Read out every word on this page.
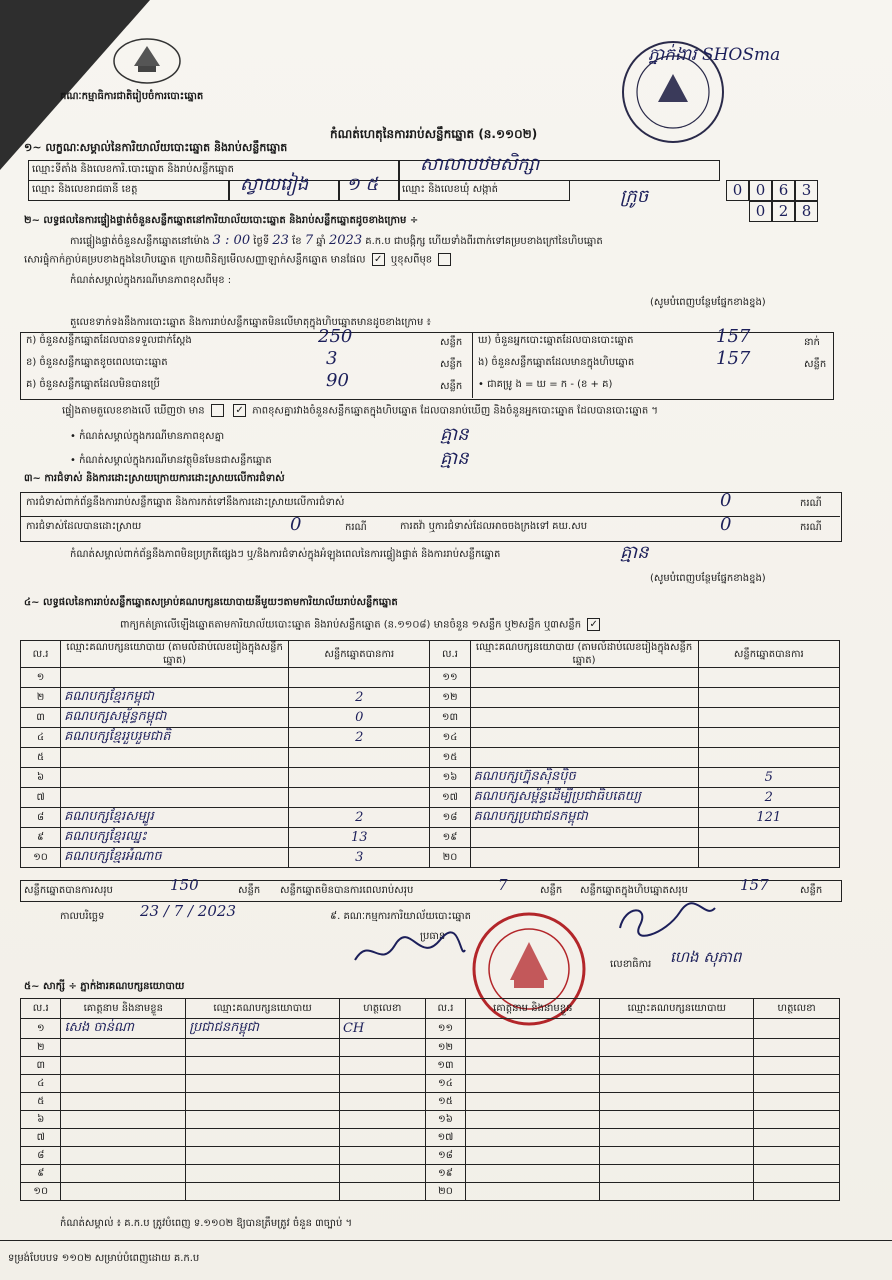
គណៈកម្មាធិការជាតិរៀបចំការបោះឆ្នោត
កំណត់ហេតុនៃការរាប់សន្លឹកឆ្នោត (ន.១១០២)
ភ្នាក់ងារ SHOSma
១~ លក្ខណៈសម្គាល់នៃការិយាល័យបោះឆ្នោត និងរាប់សន្លឹកឆ្នោត
ឈ្មោះទីតាំង និងលេខការិ.បោះឆ្នោត និងរាប់សន្លឹកឆ្នោត	សាលាបឋមសិក្សា
ឈ្មោះ និងលេខរាជធានី ខេត្ត	ស្វាយរៀង ១ ៥ ឈ្មោះ និងលេខឃុំ សង្កាត់	ក្រូច	0 0 6 3
0 2 8
២~ លទ្ធផលនៃការផ្ទៀងផ្ទាត់ចំនួនសន្លឹកឆ្នោតនៅការិយាល័យបោះឆ្នោត និងរាប់សន្លឹកឆ្នោតដូចខាងក្រោម ÷
ការផ្ទៀងផ្ទាត់ចំនួនសន្លឹកឆ្នោតនៅម៉ោង 3 : 00 ថ្ងៃទី 23 ខែ 7 ឆ្នាំ 2023 គ.ក.ប ជាបងិ្កក្ស ហើយទាំងពីរពាក់ទៅគម្របខាងក្រៅនៃហិបឆ្នោត
សោរផ្ទុំកាក់ភ្ជាប់គម្របខាងក្នុងនៃហិបឆ្នោត ក្រោយពិនិត្យមើលសញ្ញាឡាក់សន្លឹកឆ្នោត មានផែល ✓ ឬខុសពីមុខ
កំណត់សម្គាល់ក្នុងករណីមានភាពខុសពីមុខ :
(សូមបំពេញបន្ថែមផ្នែកខាងខ្នង)
តួលេខទាក់ទងនឹងការបោះឆ្នោត និងការរាប់សន្លឹកឆ្នោតមិនលើមាតុក្នុងហិបឆ្នោតមានដូចខាងក្រោម ៖
ក) ចំនួនសន្លឹកឆ្នោតដែលបានទទួលជាក់ស្តែង	250	សន្លឹក
ខ) ចំនួនសន្លឹកឆ្នោតខូចពេលបោះឆ្នោត	3	សន្លឹក
គ) ចំនួនសន្លឹកឆ្នោតដែលមិនបានប្រើ	90	សន្លឹក
ឃ) ចំនួនអ្នកបោះឆ្នោតដែលបានបោះឆ្នោត	157	នាក់
ង) ចំនួនសន្លឹកឆ្នោតដែលមានក្នុងហិបឆ្នោត	157	សន្លឹក
• ជាគម្រូ ង = ឃ = ក - (ខ + គ)
ផ្ទៀងតាមតួលេខខាងលើ ឃើញថា មាន	✓ ភាពខុសគ្នារវាងចំនួនសន្លឹកឆ្នោតក្នុងហិបឆ្នោត ដែលបានរាប់ឃើញ និងចំនួនអ្នកបោះឆ្នោត ដែលបានបោះឆ្នោត ។
• កំណត់សម្គាល់ក្នុងករណីមានភាពខុសគ្នា	គ្មាន
• កំណត់សម្គាល់ក្នុងករណីមានវត្ថុមិនមែនជាសន្លឹកឆ្នោត	គ្មាន
៣~ ការជំទាស់ និងការដោះស្រាយក្រោយការដោះស្រាយលើការជំទាស់
ការជំទាស់ពាក់ព័ន្ធនឹងការរាប់សន្លឹកឆ្នោត និងការកត់ទៅនឹងការដោះស្រាយលើការជំទាស់	0	ករណី
ការជំទាស់ដែលបានដោះស្រាយ	0	ករណី	ការតវ៉ា ឬការជំទាស់ដែលអាចចងក្រងទៅ គឃ.សប	0	ករណី
កំណត់សម្គាល់ពាក់ព័ន្ធនឹងភាពមិនប្រក្រតីផ្សេងៗ ឬ/និងការជំទាស់ក្នុងអំឡុងពេលនៃការផ្ទៀងផ្ទាត់ និងការរាប់សន្លឹកឆ្នោត	គ្មាន
(សូមបំពេញបន្ថែមផ្នែកខាងខ្នង)
៤~ លទ្ធផលនៃការរាប់សន្លឹកឆ្នោតសម្រាប់គណបក្សនយោបាយនីមួយៗតាមការិយាល័យរាប់សន្លឹកឆ្នោត
ពាក្យកត់ត្រាលើឡើងឆ្នោតតាមការិយាល័យបោះឆ្នោត និងរាប់សន្លឹកឆ្នោត (ន.១១០៨) មានចំនួន ១សន្លឹក ឬ២សន្លឹក ឬ៣សន្លឹក ✓
ល.រ	ឈ្មោះគណបក្សនយោបាយ (តាមលំដាប់លេខរៀងក្នុងសន្លឹកឆ្នោត)	សន្លឹកឆ្នោតបានការ	ល.រ	ឈ្មោះគណបក្សនយោបាយ (តាមលំដាប់លេខរៀងក្នុងសន្លឹកឆ្នោត)	សន្លឹកឆ្នោតបានការ
១			១១		
២	គណបក្សខ្មែរកម្ពុជា	2	១២		
៣	គណបក្សសម្ព័ន្ធកម្ពុជា	0	១៣		
៤	គណបក្សខ្មែររួបរួមជាតិ	2	១៤		
៥			១៥		
៦			១៦	គណបក្សហ្វ៊ុនស៊ិនប៉ិច	5
៧			១៧	គណបក្សសម្ព័ន្ធដើម្បីប្រជាធិបតេយ្យ	2
៨	គណបក្សខ្មែរសម្បូរ	2	១៨	គណបក្សប្រជាជនកម្ពុជា	121
៩	គណបក្សខ្មែរឈ្នះ	13	១៩		
១០	គណបក្សខ្មែរអំណាច	3	២០		
សន្លឹកឆ្នោតបានការសរុប	150	សន្លឹក សន្លឹកឆ្នោតមិនបានការពេលរាប់សរុប	7	សន្លឹក សន្លឹកឆ្នោតក្នុងហិបឆ្នោតសរុប	157	សន្លឹក
កាលបរិច្ឆេទ 23 / 7 / 2023	៩. គណៈកម្មការការិយាល័យបោះឆ្នោត
ប្រធាន
លេខាធិការ ហេង សុភាព
៥~ សាក្សី ÷ ភ្នាក់ងារគណបក្សនយោបាយ
ល.រ	គោត្តនាម និងនាមខ្លួន	ឈ្មោះគណបក្សនយោបាយ	ហត្ថលេខា	ល.រ	គោត្តនាម និងនាមខ្លួន	ឈ្មោះគណបក្សនយោបាយ	ហត្ថលេខា
១	សេង ចាន់ណា	ប្រជាជនកម្ពុជា	CH	១១			
២				១២			
៣				១៣			
៤				១៤			
៥				១៥			
៦				១៦			
៧				១៧			
៨				១៨			
៩				១៩			
១០				២០			
កំណត់សម្គាល់ ៖ គ.ក.ប ត្រូវបំពេញ ទ.១១០២ ឱ្យបានត្រឹមត្រូវ ចំនួន ៣ច្បាប់ ។
ទម្រង់បែបបទ ១១០២ សម្រាប់បំពេញដោយ គ.ក.ប
